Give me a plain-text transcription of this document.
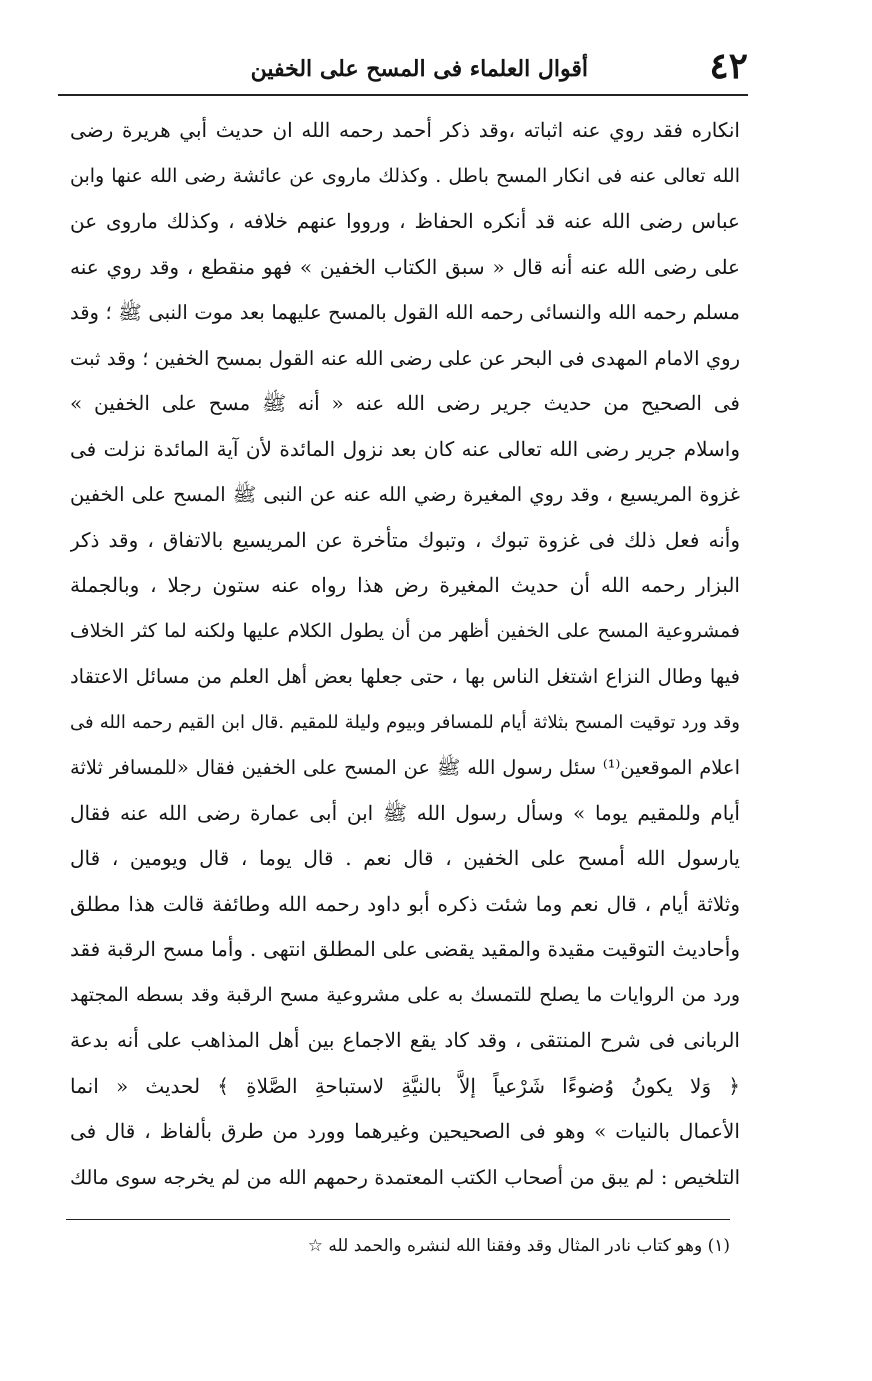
٤٢
أقوال العلماء فى المسح على الخفين
انكاره فقد روي عنه اثباته ،وقد ذكر أحمد رحمه الله ان حديث أبي هريرة رضى
الله تعالى عنه فى انكار المسح باطل . وكذلك ماروى عن عائشة رضى الله عنها وابن
عباس رضى الله عنه قد أنكره الحفاظ ، ورووا عنهم خلافه ، وكذلك ماروى عن
على رضى الله عنه أنه قال « سبق الكتاب الخفين » فهو منقطع ، وقد روي عنه
مسلم رحمه الله والنسائى رحمه الله القول بالمسح عليهما بعد موت النبى ﷺ ؛ وقد
روي الامام المهدى فى البحر عن على رضى الله عنه القول بمسح الخفين ؛ وقد ثبت
فى الصحيح من حديث جرير رضى الله عنه « أنه ﷺ مسح على الخفين »
واسلام جرير رضى الله تعالى عنه كان بعد نزول المائدة لأن آية المائدة نزلت فى
غزوة المريسيع ، وقد روي المغيرة رضي الله عنه عن النبى ﷺ المسح على الخفين
وأنه فعل ذلك فى غزوة تبوك ، وتبوك متأخرة عن المريسيع بالاتفاق ، وقد ذكر
البزار رحمه الله أن حديث المغيرة رض هذا رواه عنه ستون رجلا ، وبالجملة
فمشروعية المسح على الخفين أظهر من أن يطول الكلام عليها ولكنه لما كثر الخلاف
فيها وطال النزاع اشتغل الناس بها ، حتى جعلها بعض أهل العلم من مسائل الاعتقاد
وقد ورد توقيت المسح بثلاثة أيام للمسافر وبيوم وليلة للمقيم .قال ابن القيم رحمه الله فى
اعلام الموقعين⁽¹⁾ سئل رسول الله ﷺ عن المسح على الخفين فقال «للمسافر ثلاثة
أيام وللمقيم يوما » وسأل رسول الله ﷺ ابن أبى عمارة رضى الله عنه فقال
يارسول الله أمسح على الخفين ، قال نعم . قال يوما ، قال ويومين ، قال
وثلاثة أيام ، قال نعم وما شئت ذكره أبو داود رحمه الله وطائفة قالت هذا مطلق
وأحاديث التوقيت مقيدة والمقيد يقضى على المطلق انتهى . وأما مسح الرقبة فقد
ورد من الروايات ما يصلح للتمسك به على مشروعية مسح الرقبة وقد بسطه المجتهد
الربانى فى شرح المنتقى ، وقد كاد يقع الاجماع بين أهل المذاهب على أنه بدعة
﴿ وَلا يكونُ وُضوءًا شَرْعياً إلاَّ بالنيَّةِ لاستباحةِ الصَّلاةِ ﴾ لحديث « انما
الأعمال بالنيات » وهو فى الصحيحين وغيرهما وورد من طرق بألفاظ ، قال فى
التلخيص : لم يبق من أصحاب الكتب المعتمدة رحمهم الله من لم يخرجه سوى مالك
(١) وهو كتاب نادر المثال وقد وفقنا الله لنشره والحمد لله ☆
